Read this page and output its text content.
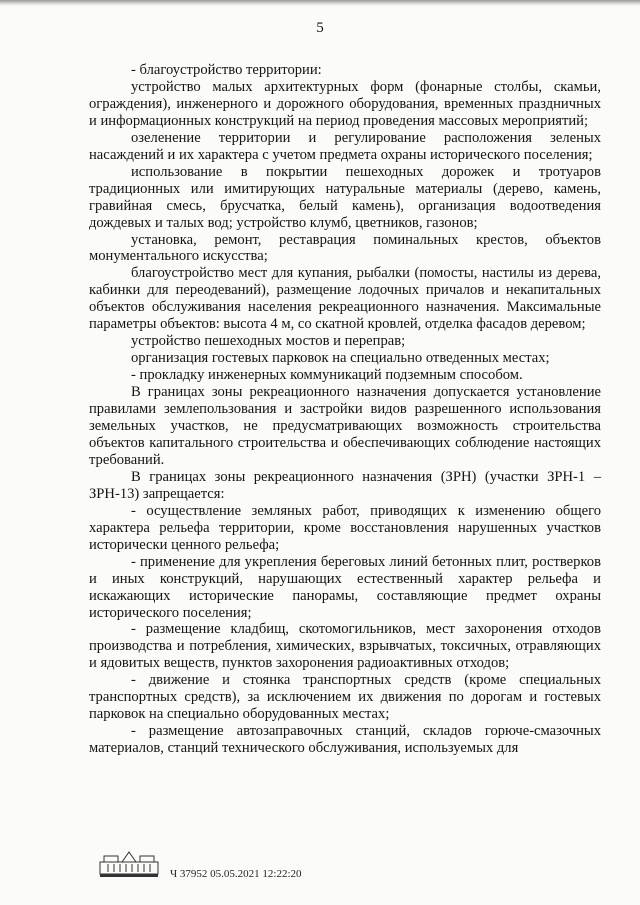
5

- благоустройство территории:

устройство малых архитектурных форм (фонарные столбы, скамьи, ограждения), инженерного и дорожного оборудования, временных праздничных и информационных конструкций на период проведения массовых мероприятий;

озеленение территории и регулирование расположения зеленых насаждений и их характера с учетом предмета охраны исторического поселения;

использование в покрытии пешеходных дорожек и тротуаров традиционных или имитирующих натуральные материалы (дерево, камень, гравийная смесь, брусчатка, белый камень), организация водоотведения дождевых и талых вод; устройство клумб, цветников, газонов;

установка, ремонт, реставрация поминальных крестов, объектов монументального искусства;

благоустройство мест для купания, рыбалки (помосты, настилы из дерева, кабинки для переодеваний), размещение лодочных причалов и некапитальных объектов обслуживания населения рекреационного назначения. Максимальные параметры объектов: высота 4 м, со скатной кровлей, отделка фасадов деревом;

устройство пешеходных мостов и переправ;

организация гостевых парковок на специально отведенных местах;

- прокладку инженерных коммуникаций подземным способом.

В границах зоны рекреационного назначения допускается установление правилами землепользования и застройки видов разрешенного использования земельных участков, не предусматривающих возможность строительства объектов капитального строительства и обеспечивающих соблюдение настоящих требований.

В границах зоны рекреационного назначения (ЗРН) (участки ЗРН-1 – ЗРН-13) запрещается:

- осуществление земляных работ, приводящих к изменению общего характера рельефа территории, кроме восстановления нарушенных участков исторически ценного рельефа;

- применение для укрепления береговых линий бетонных плит, ростверков и иных конструкций, нарушающих естественный характер рельефа и искажающих исторические панорамы, составляющие предмет охраны исторического поселения;

- размещение кладбищ, скотомогильников, мест захоронения отходов производства и потребления, химических, взрывчатых, токсичных, отравляющих и ядовитых веществ, пунктов захоронения радиоактивных отходов;

- движение и стоянка транспортных средств (кроме специальных транспортных средств), за исключением их движения по дорогам и гостевых парковок на специально оборудованных местах;

- размещение автозаправочных станций, складов горюче-смазочных материалов, станций технического обслуживания, используемых для

Ч 37952 05.05.2021 12:22:20
